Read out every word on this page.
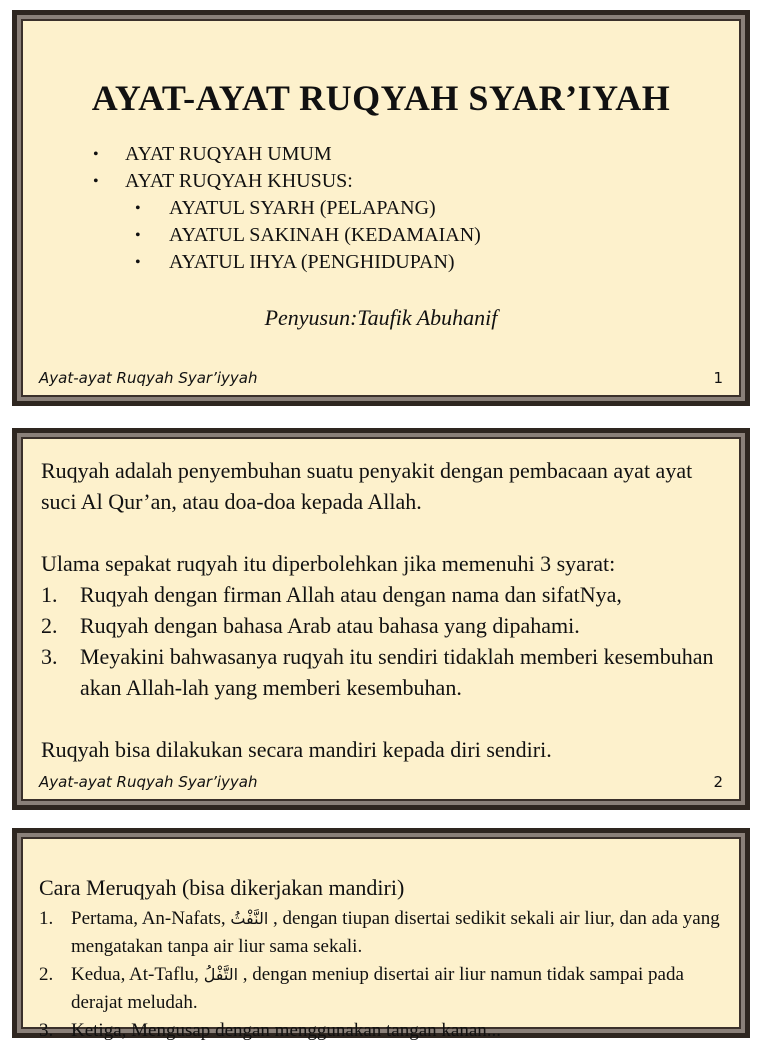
AYAT-AYAT RUQYAH SYAR’IYAH
• AYAT RUQYAH UMUM
• AYAT RUQYAH KHUSUS:
• AYATUL SYARH (PELAPANG)
• AYATUL SAKINAH (KEDAMAIAN)
• AYATUL IHYA (PENGHIDUPAN)
Penyusun:Taufik Abuhanif
Ayat-ayat Ruqyah Syar’iyyah	1

Ruqyah adalah penyembuhan suatu penyakit dengan pembacaan ayat ayat suci Al Qur’an, atau doa-doa kepada Allah.

Ulama sepakat ruqyah itu diperbolehkan jika memenuhi 3 syarat:

1. Ruqyah dengan firman Allah atau dengan nama dan sifatNya,
2. Ruqyah dengan bahasa Arab atau bahasa yang dipahami.
3. Meyakini bahwasanya ruqyah itu sendiri tidaklah memberi kesembuhan akan Allah-lah yang memberi kesembuhan.

Ruqyah bisa dilakukan secara mandiri kepada diri sendiri.

Ayat-ayat Ruqyah Syar’iyyah	2
Cara Meruqyah (bisa dikerjakan mandiri)
1. Pertama, An-Nafats, النَّفْثُ , dengan tiupan disertai sedikit sekali air liur, dan ada yang mengatakan tanpa air liur sama sekali.
2. Kedua, At-Taflu, التَّفْلُ , dengan meniup disertai air liur namun tidak sampai pada derajat meludah.
3. Ketiga, Mengusap dengan menggunakan tangan kanan...
